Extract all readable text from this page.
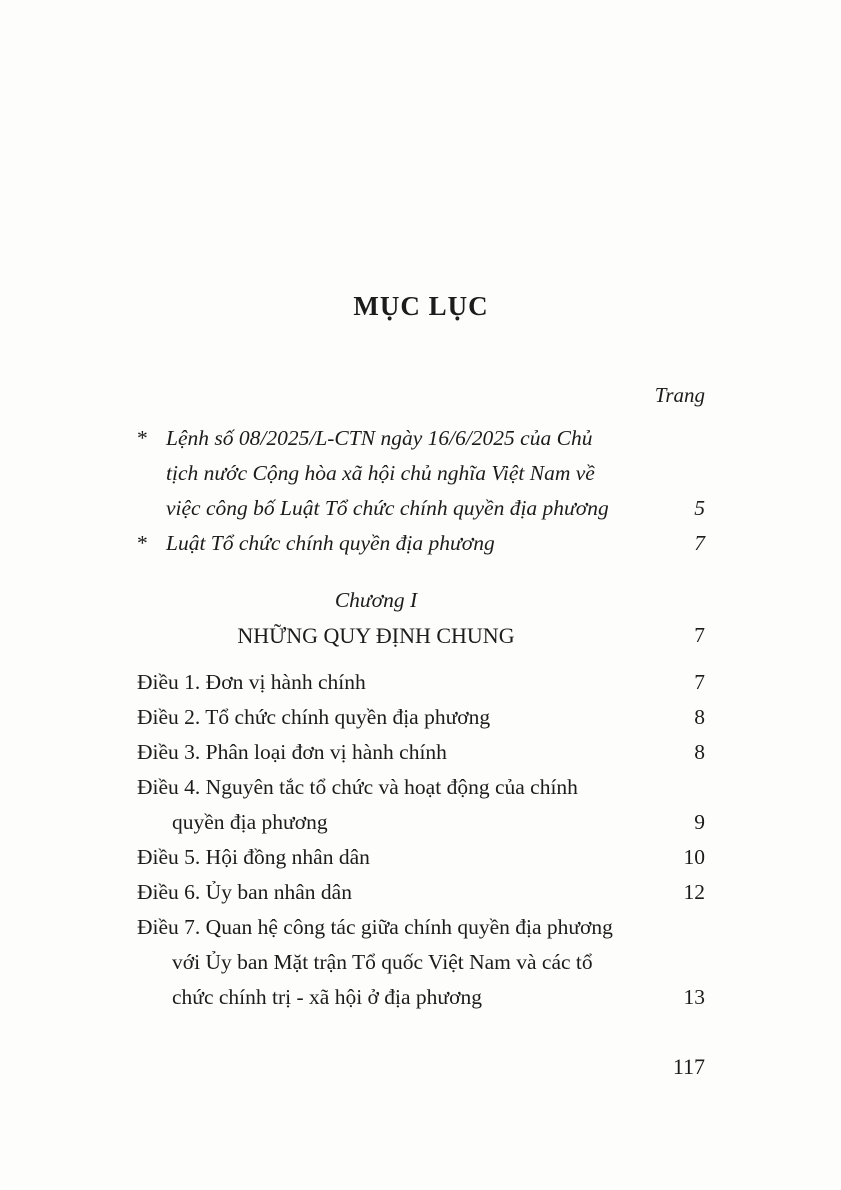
MỤC LỤC
Trang
* Lệnh số 08/2025/L-CTN ngày 16/6/2025 của Chủ tịch nước Cộng hòa xã hội chủ nghĩa Việt Nam về việc công bố Luật Tổ chức chính quyền địa phương	5
* Luật Tổ chức chính quyền địa phương	7
Chương I
NHỮNG QUY ĐỊNH CHUNG	7
Điều 1. Đơn vị hành chính	7
Điều 2. Tổ chức chính quyền địa phương	8
Điều 3. Phân loại đơn vị hành chính	8
Điều 4. Nguyên tắc tổ chức và hoạt động của chính quyền địa phương	9
Điều 5. Hội đồng nhân dân	10
Điều 6. Ủy ban nhân dân	12
Điều 7. Quan hệ công tác giữa chính quyền địa phương với Ủy ban Mặt trận Tổ quốc Việt Nam và các tổ chức chính trị - xã hội ở địa phương	13
117
